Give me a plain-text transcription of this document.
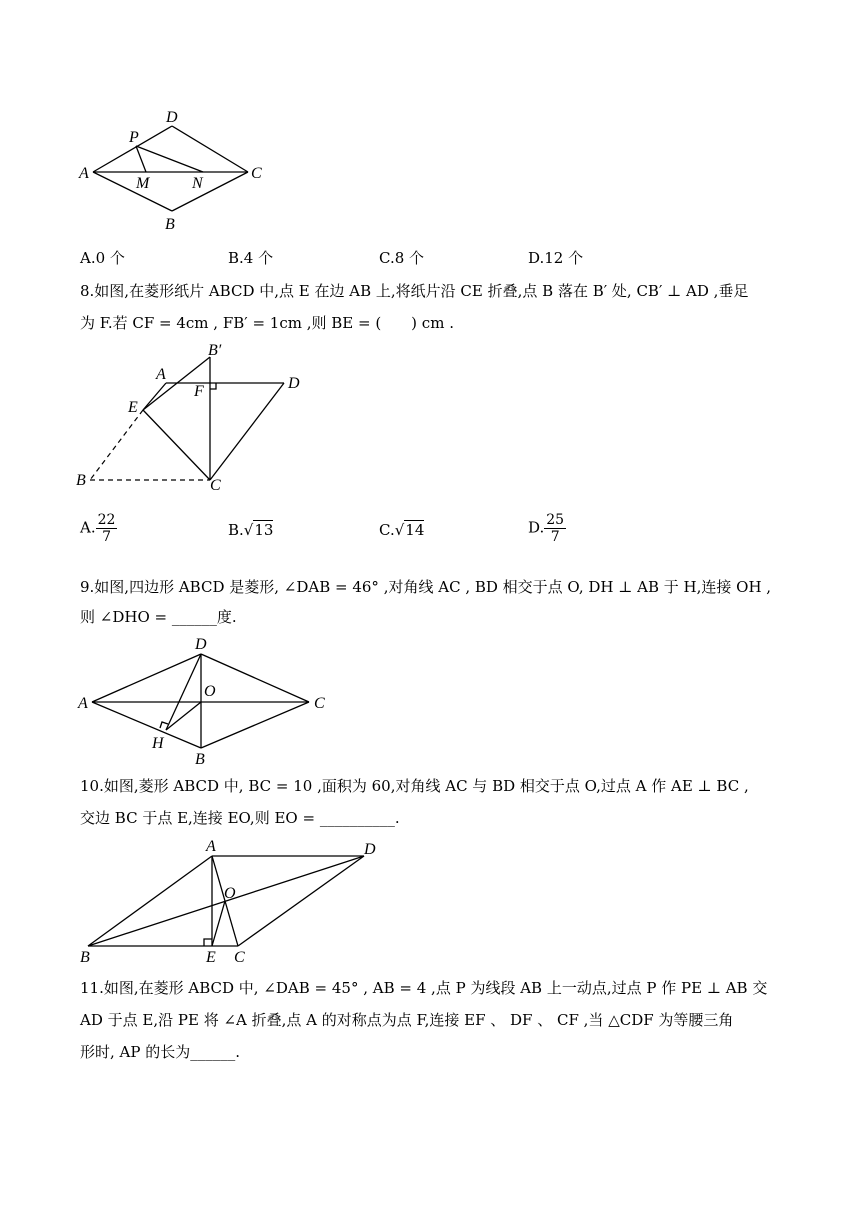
A
D
C
B
P
M	N
A.0 个	B.4 个	C.8 个	D.12 个
8.如图,在菱形纸片 ABCD 中,点 E 在边 AB 上,将纸片沿 CE 折叠,点 B 落在 B′ 处, CB′ ⊥ AD ,垂足
为 F.若 CF = 4cm , FB′ = 1cm ,则 BE = (　　) cm .
B′
A
F	D
E
B	C
A. $\frac{22}{7}$	B.√13	C.√14	D. $\frac{25}{7}$
9.如图,四边形 ABCD 是菱形, ∠DAB = 46° ,对角线 AC , BD 相交于点 O, DH ⊥ AB 于 H,连接 OH ,
则 ∠DHO = ______度.
A
D
C
B
O
H
10.如图,菱形 ABCD 中, BC = 10 ,面积为 60,对角线 AC 与 BD 相交于点 O,过点 A 作 AE ⊥ BC ,
交边 BC 于点 E,连接 EO,则 EO = __________.
A	D
B	E C
O
11.如图,在菱形 ABCD 中, ∠DAB = 45° , AB = 4 ,点 P 为线段 AB 上一动点,过点 P 作 PE ⊥ AB 交
AD 于点 E,沿 PE 将 ∠A 折叠,点 A 的对称点为点 F,连接 EF 、 DF 、 CF ,当 △CDF 为等腰三角
形时, AP 的长为______.
